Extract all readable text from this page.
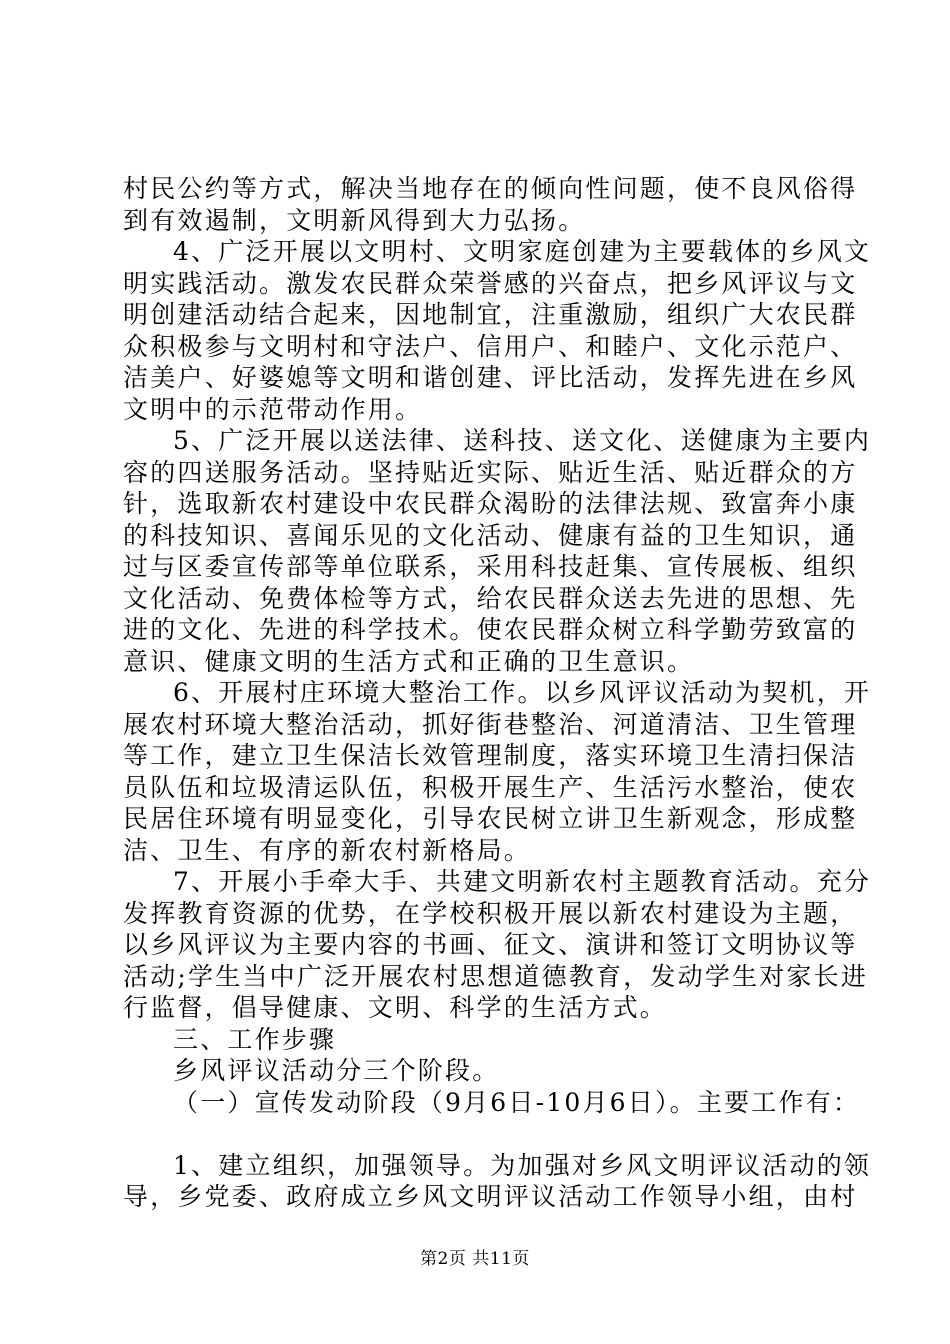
村民公约等方式，解决当地存在的倾向性问题，使不良风俗得
到有效遏制，文明新风得到大力弘扬。
4、广泛开展以文明村、文明家庭创建为主要载体的乡风文
明实践活动。激发农民群众荣誉感的兴奋点，把乡风评议与文
明创建活动结合起来，因地制宜，注重激励，组织广大农民群
众积极参与文明村和守法户、信用户、和睦户、文化示范户、
洁美户、好婆媳等文明和谐创建、评比活动，发挥先进在乡风
文明中的示范带动作用。
5、广泛开展以送法律、送科技、送文化、送健康为主要内
容的四送服务活动。坚持贴近实际、贴近生活、贴近群众的方
针，选取新农村建设中农民群众渴盼的法律法规、致富奔小康
的科技知识、喜闻乐见的文化活动、健康有益的卫生知识，通
过与区委宣传部等单位联系，采用科技赶集、宣传展板、组织
文化活动、免费体检等方式，给农民群众送去先进的思想、先
进的文化、先进的科学技术。使农民群众树立科学勤劳致富的
意识、健康文明的生活方式和正确的卫生意识。
6、开展村庄环境大整治工作。以乡风评议活动为契机，开
展农村环境大整治活动，抓好街巷整治、河道清洁、卫生管理
等工作，建立卫生保洁长效管理制度，落实环境卫生清扫保洁
员队伍和垃圾清运队伍，积极开展生产、生活污水整治，使农
民居住环境有明显变化，引导农民树立讲卫生新观念，形成整
洁、卫生、有序的新农村新格局。
7、开展小手牵大手、共建文明新农村主题教育活动。充分
发挥教育资源的优势，在学校积极开展以新农村建设为主题，
以乡风评议为主要内容的书画、征文、演讲和签订文明协议等
活动;学生当中广泛开展农村思想道德教育，发动学生对家长进
行监督，倡导健康、文明、科学的生活方式。
三、工作步骤
乡风评议活动分三个阶段。
（一）宣传发动阶段（9月6日-10月6日）。主要工作有：
1、建立组织，加强领导。为加强对乡风文明评议活动的领
导，乡党委、政府成立乡风文明评议活动工作领导小组，由村
第2页 共11页
